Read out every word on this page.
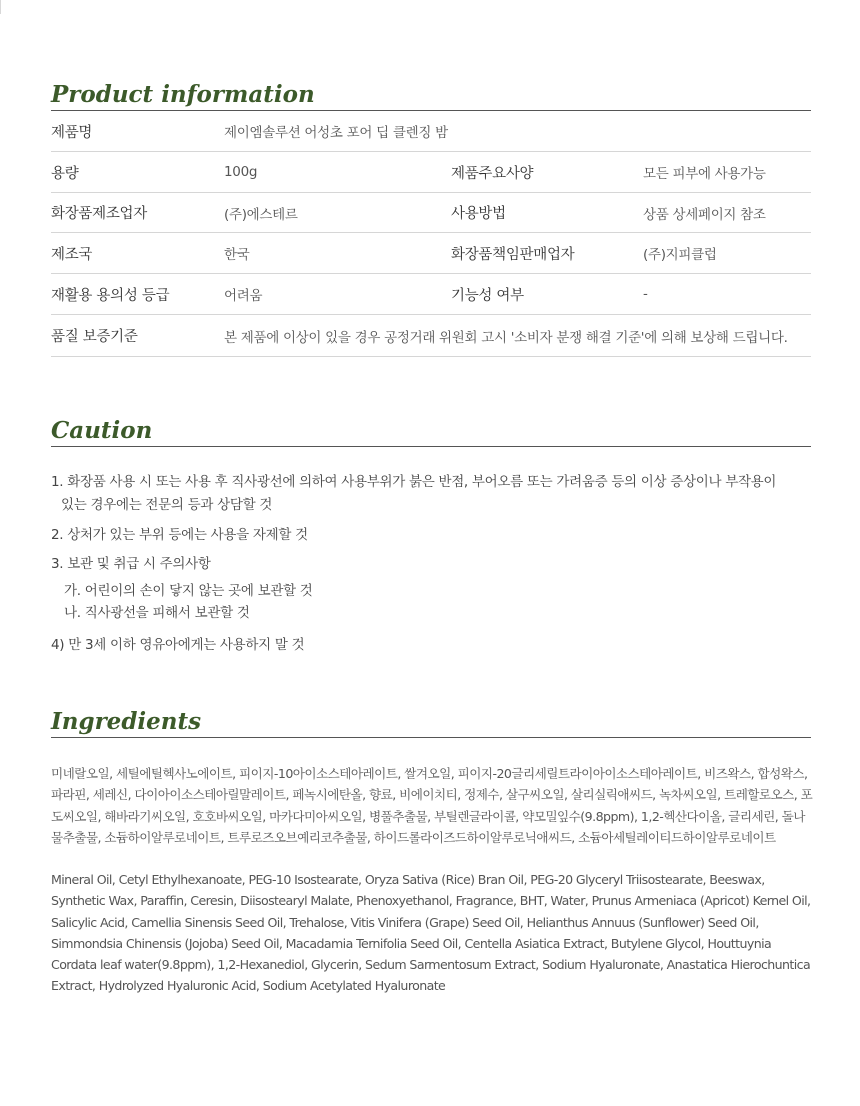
Product information
제품명	제이엠솔루션 어성초 포어 딥 클렌징 밤
용량	100g	제품주요사양	모든 피부에 사용가능
화장품제조업자	(주)에스테르	사용방법	상품 상세페이지 참조
제조국	한국	화장품책임판매업자	(주)지피클럽
재활용 용의성 등급	어려움	기능성 여부	-
품질 보증기준	본 제품에 이상이 있을 경우 공정거래 위원회 고시 '소비자 분쟁 해결 기준'에 의해 보상해 드립니다.
Caution
1. 화장품 사용 시 또는 사용 후 직사광선에 의하여 사용부위가 붉은 반점, 부어오름 또는 가려움증 등의 이상 증상이나 부작용이
있는 경우에는 전문의 등과 상담할 것
2. 상처가 있는 부위 등에는 사용을 자제할 것
3. 보관 및 취급 시 주의사항
가. 어린이의 손이 닿지 않는 곳에 보관할 것
나. 직사광선을 피해서 보관할 것
4) 만 3세 이하 영유아에게는 사용하지 말 것
Ingredients
미네랄오일, 세틸에틸헥사노에이트, 피이지-10아이소스테아레이트, 쌀겨오일, 피이지-20글리세릴트라이아이소스테아레이트, 비즈왁스, 합성왁스, 파라핀, 세레신, 다이아이소스테아릴말레이트, 페녹시에탄올, 향료, 비에이치티, 정제수, 살구씨오일, 살리실릭애씨드, 녹차씨오일, 트레할로오스, 포도씨오일, 해바라기씨오일, 호호바씨오일, 마카다미아씨오일, 병풀추출물, 부틸렌글라이콜, 약모밀잎수(9.8ppm), 1,2-헥산다이올, 글리세린, 돌나물추출물, 소듐하이알루로네이트, 트루로즈오브예리코추출물, 하이드롤라이즈드하이알루로닉애씨드, 소듐아세틸레이티드하이알루로네이트
Mineral Oil, Cetyl Ethylhexanoate, PEG-10 Isostearate, Oryza Sativa (Rice) Bran Oil, PEG-20 Glyceryl Triisostearate, Beeswax, Synthetic Wax, Paraffin, Ceresin, Diisostearyl Malate, Phenoxyethanol, Fragrance, BHT, Water, Prunus Armeniaca (Apricot) Kernel Oil, Salicylic Acid, Camellia Sinensis Seed Oil, Trehalose, Vitis Vinifera (Grape) Seed Oil, Helianthus Annuus (Sunflower) Seed Oil, Simmondsia Chinensis (Jojoba) Seed Oil, Macadamia Ternifolia Seed Oil, Centella Asiatica Extract, Butylene Glycol, Houttuynia Cordata leaf water(9.8ppm), 1,2-Hexanediol, Glycerin, Sedum Sarmentosum Extract, Sodium Hyaluronate, Anastatica Hierochuntica Extract, Hydrolyzed Hyaluronic Acid, Sodium Acetylated Hyaluronate
